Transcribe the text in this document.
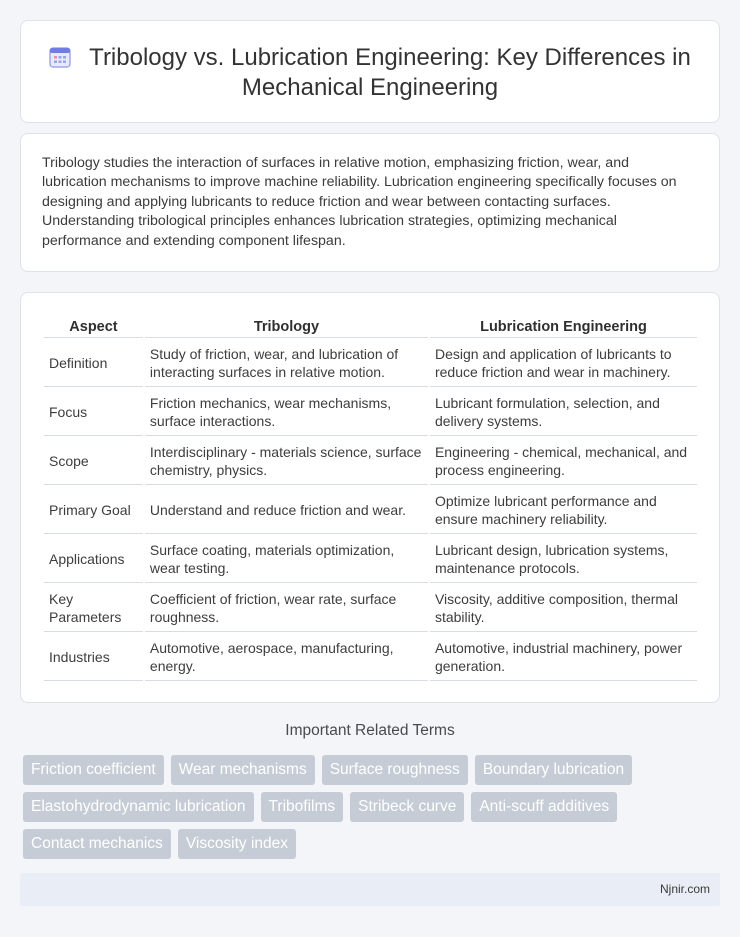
Tribology vs. Lubrication Engineering: Key Differences in Mechanical Engineering

Tribology studies the interaction of surfaces in relative motion, emphasizing friction, wear, and lubrication mechanisms to improve machine reliability. Lubrication engineering specifically focuses on designing and applying lubricants to reduce friction and wear between contacting surfaces. Understanding tribological principles enhances lubrication strategies, optimizing mechanical performance and extending component lifespan.

Aspect	Tribology	Lubrication Engineering
Definition	Study of friction, wear, and lubrication of interacting surfaces in relative motion.	Design and application of lubricants to reduce friction and wear in machinery.
Focus	Friction mechanics, wear mechanisms, surface interactions.	Lubricant formulation, selection, and delivery systems.
Scope	Interdisciplinary - materials science, surface chemistry, physics.	Engineering - chemical, mechanical, and process engineering.
Primary Goal	Understand and reduce friction and wear.	Optimize lubricant performance and ensure machinery reliability.
Applications	Surface coating, materials optimization, wear testing.	Lubricant design, lubrication systems, maintenance protocols.
Key Parameters	Coefficient of friction, wear rate, surface roughness.	Viscosity, additive composition, thermal stability.
Industries	Automotive, aerospace, manufacturing, energy.	Automotive, industrial machinery, power generation.
Important Related Terms
Friction coefficient	Wear mechanisms	Surface roughness	Boundary lubrication
Elastohydrodynamic lubrication	Tribofilms	Stribeck curve	Anti-scuff additives
Contact mechanics	Viscosity index
Njnir.com
